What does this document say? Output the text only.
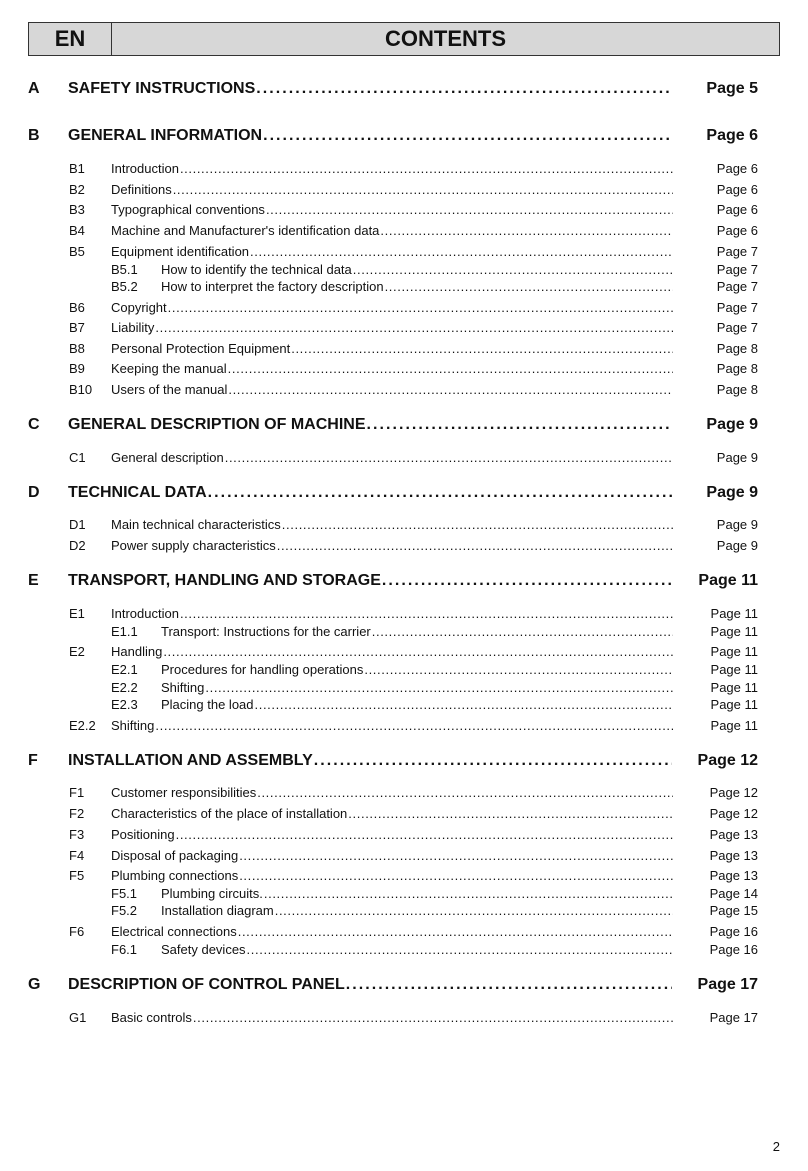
EN	CONTENTS
A SAFETY INSTRUCTIONS . . .	Page 5
B GENERAL INFORMATION . . .	Page 6
B1 Introduction . . .	Page 6
B2 Definitions . . .	Page 6
B3 Typographical conventions . . .	Page 6
B4 Machine and Manufacturer's identification data . . .	Page 6
B5 Equipment identification . . .	Page 7
B5.1 How to identify the technical data . . .	Page 7
B5.2 How to interpret the factory description . . .	Page 7
B6 Copyright . . .	Page 7
B7 Liability . . .	Page 7
B8 Personal Protection Equipment . . .	Page 8
B9 Keeping the manual . . .	Page 8
B10 Users of the manual . . .	Page 8
C GENERAL DESCRIPTION OF MACHINE . . .	Page 9
C1 General description . . .	Page 9
D TECHNICAL DATA . . .	Page 9
D1 Main technical characteristics . . .	Page 9
D2 Power supply characteristics . . .	Page 9
E TRANSPORT, HANDLING AND STORAGE . . .	Page 11
E1 Introduction . . .	Page 11
E1.1 Transport: Instructions for the carrier . . .	Page 11
E2 Handling . . .	Page 11
E2.1 Procedures for handling operations . . .	Page 11
E2.2 Shifting . . .	Page 11
E2.3 Placing the load . . .	Page 11
E2.2 Shifting . . .	Page 11
F INSTALLATION AND ASSEMBLY . . .	Page 12
F1 Customer responsibilities . . .	Page 12
F2 Characteristics of the place of installation . . .	Page 12
F3 Positioning . . .	Page 13
F4 Disposal of packaging . . .	Page 13
F5 Plumbing connections . . .	Page 13
F5.1 Plumbing circuits. . . .	Page 14
F5.2 Installation diagram . . .	Page 15
F6 Electrical connections . . .	Page 16
F6.1 Safety devices . . .	Page 16
G DESCRIPTION OF CONTROL PANEL . . .	Page 17
G1 Basic controls . . .	Page 17
2
